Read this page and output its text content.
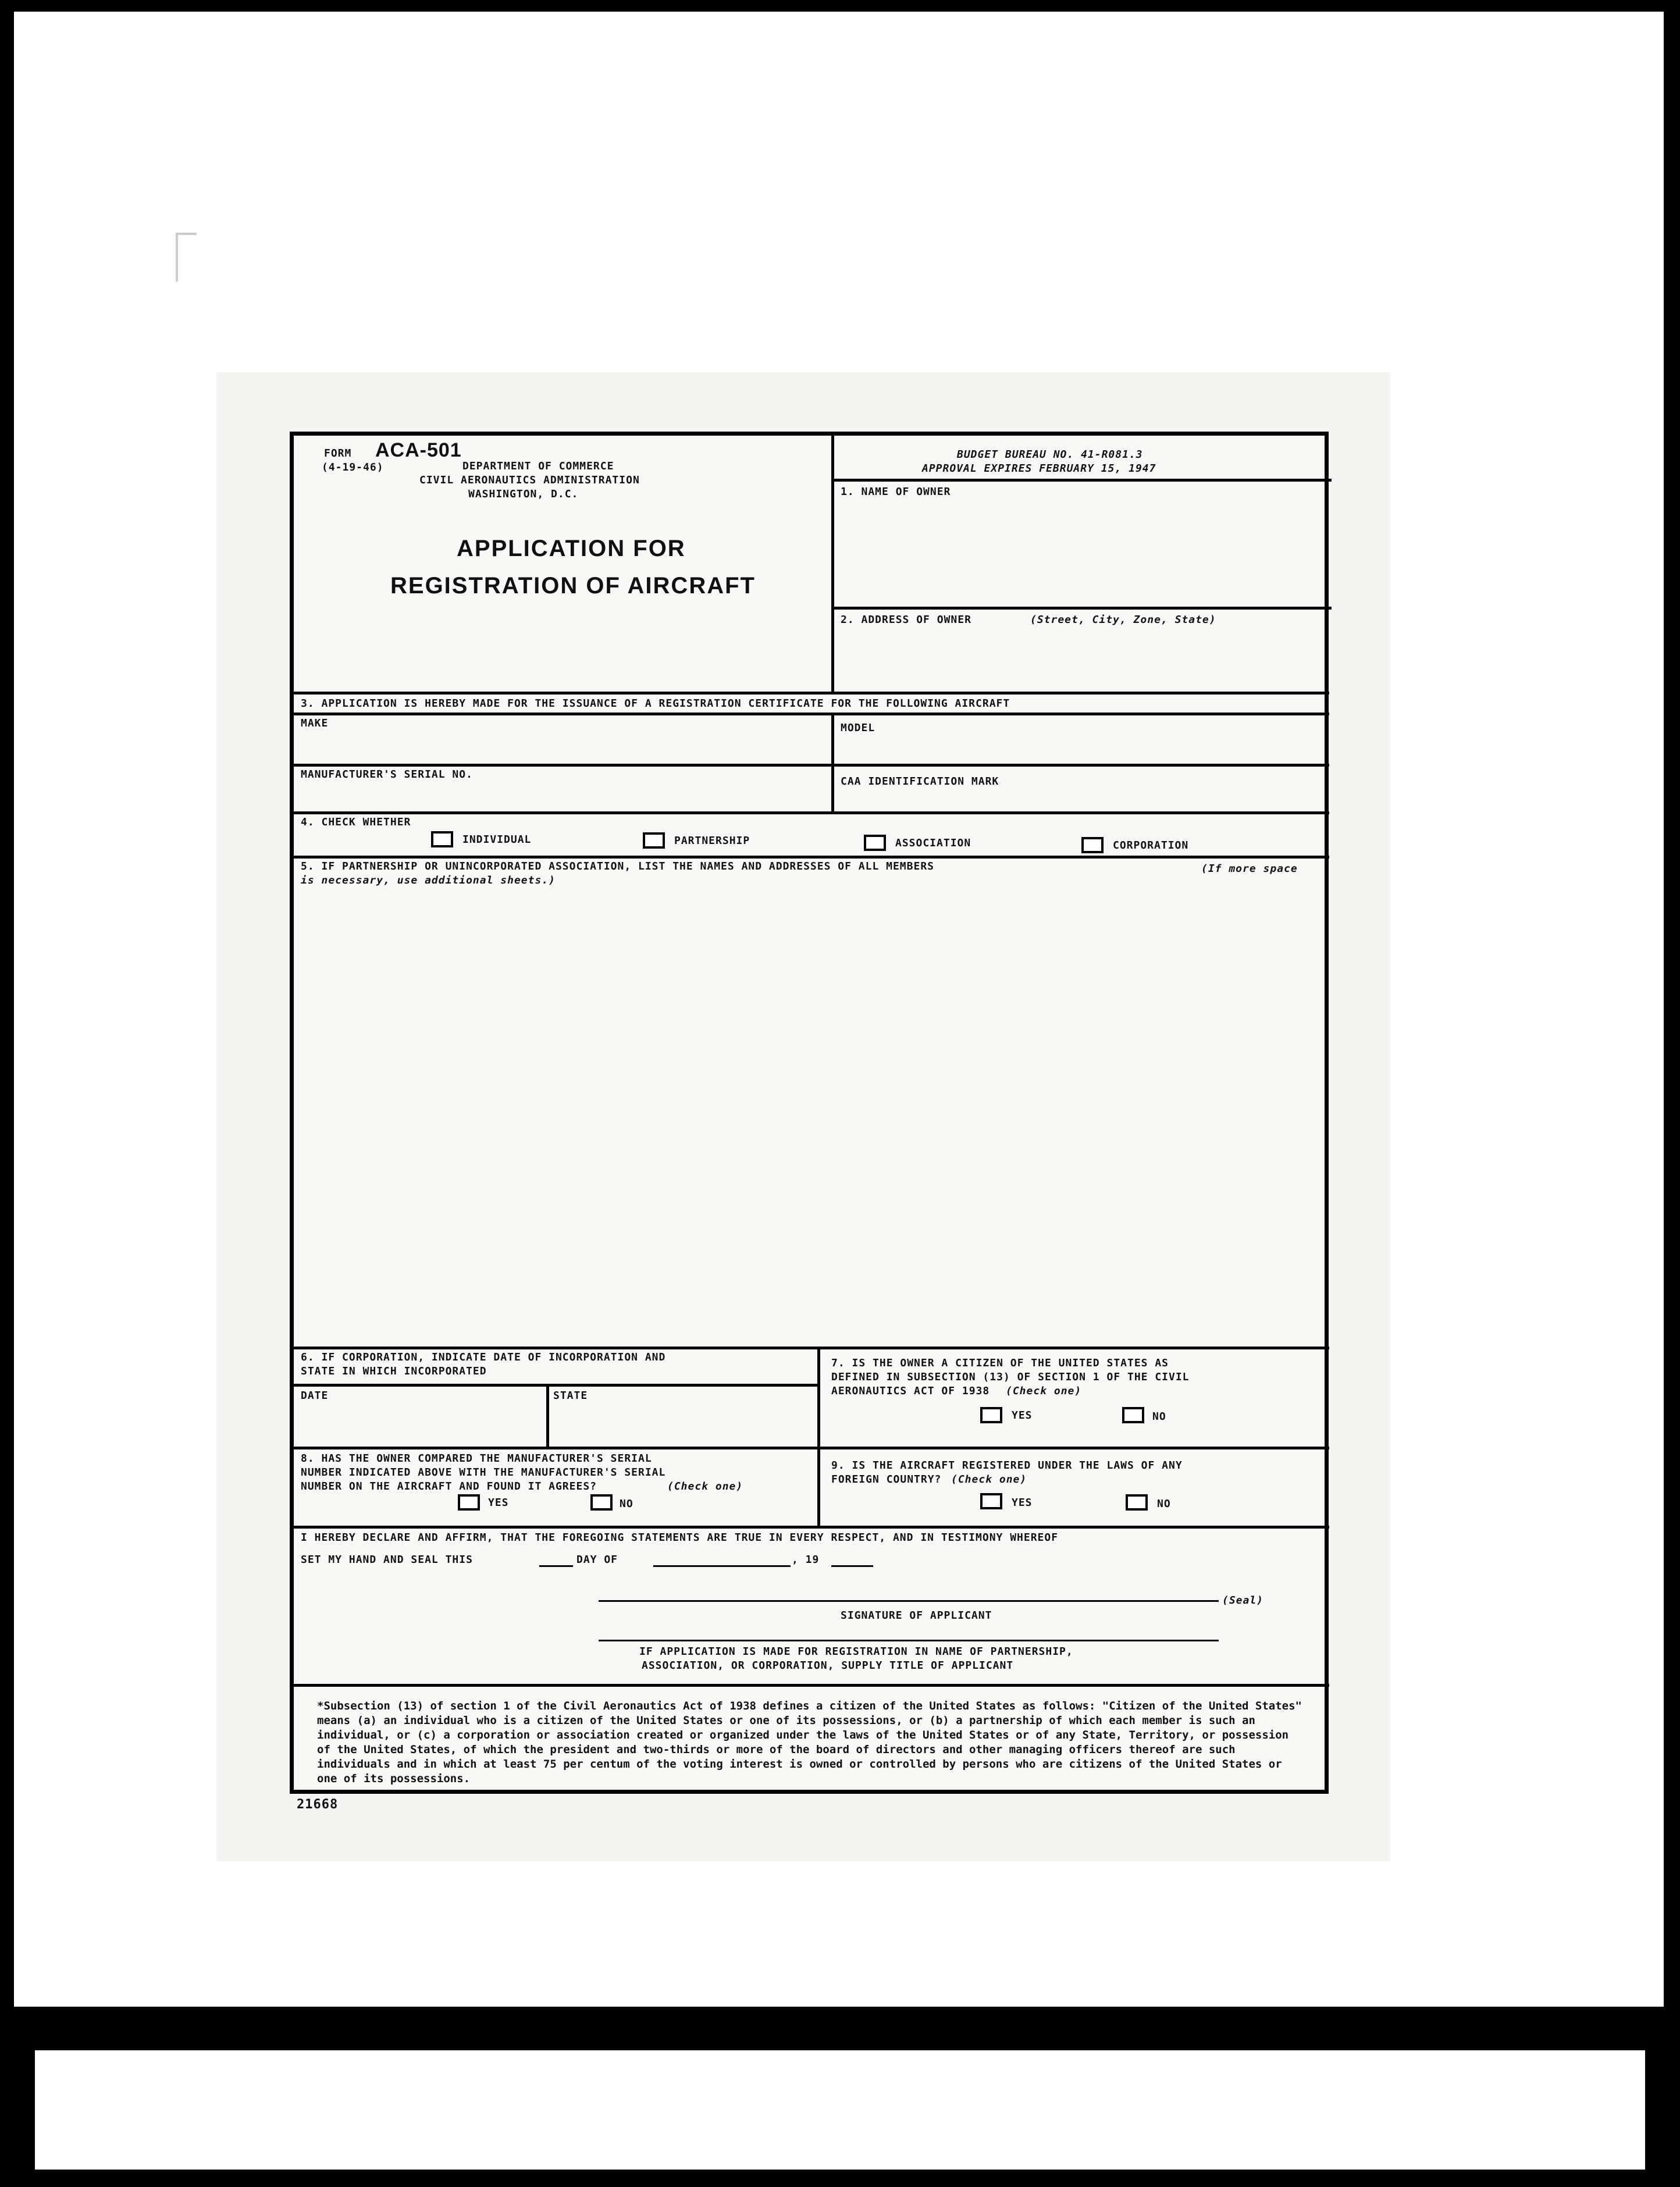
21668
FORM ACA-501
(4-19-46)	DEPARTMENT OF COMMERCE
CIVIL AERONAUTICS ADMINISTRATION
WASHINGTON, D.C.
APPLICATION FOR
REGISTRATION OF AIRCRAFT
BUDGET BUREAU NO. 41-R081.3
APPROVAL EXPIRES FEBRUARY 15, 1947
1. NAME OF OWNER
2. ADDRESS OF OWNER	(Street, City, Zone, State)
3. APPLICATION IS HEREBY MADE FOR THE ISSUANCE OF A REGISTRATION CERTIFICATE FOR THE FOLLOWING AIRCRAFT
MAKE	MODEL
MANUFACTURER'S SERIAL NO.
CAA IDENTIFICATION MARK
4. CHECK WHETHER
INDIVIDUAL	PARTNERSHIP	ASSOCIATION	CORPORATION
5. IF PARTNERSHIP OR UNINCORPORATED ASSOCIATION, LIST THE NAMES AND ADDRESSES OF ALL MEMBERS	(If more space
is necessary, use additional sheets.)
6. IF CORPORATION, INDICATE DATE OF INCORPORATION AND
STATE IN WHICH INCORPORATED
DATE	STATE
7. IS THE OWNER A CITIZEN OF THE UNITED STATES AS
DEFINED IN SUBSECTION (13) OF SECTION 1 OF THE CIVIL
AERONAUTICS ACT OF 1938 (Check one)
YES	NO
8. HAS THE OWNER COMPARED THE MANUFACTURER'S SERIAL
NUMBER INDICATED ABOVE WITH THE MANUFACTURER'S SERIAL
NUMBER ON THE AIRCRAFT AND FOUND IT AGREES?	(Check one)
YES	NO
9. IS THE AIRCRAFT REGISTERED UNDER THE LAWS OF ANY
FOREIGN COUNTRY? (Check one)
YES	NO
I HEREBY DECLARE AND AFFIRM, THAT THE FOREGOING STATEMENTS ARE TRUE IN EVERY RESPECT, AND IN TESTIMONY WHEREOF
SET MY HAND AND SEAL THIS	DAY OF	, 19
(Seal)
SIGNATURE OF APPLICANT
IF APPLICATION IS MADE FOR REGISTRATION IN NAME OF PARTNERSHIP,
ASSOCIATION, OR CORPORATION, SUPPLY TITLE OF APPLICANT
*Subsection (13) of section 1 of the Civil Aeronautics Act of 1938 defines a citizen of the United States as follows: "Citizen of the United States" means (a) an individual who is a citizen of the United States or one of its possessions, or (b) a partnership of which each member is such an individual, or (c) a corporation or association created or organized under the laws of the United States or of any State, Territory, or possession of the United States, of which the president and two-thirds or more of the board of directors and other managing officers thereof are such individuals and in which at least 75 per centum of the voting interest is owned or controlled by persons who are citizens of the United States or one of its possessions.
